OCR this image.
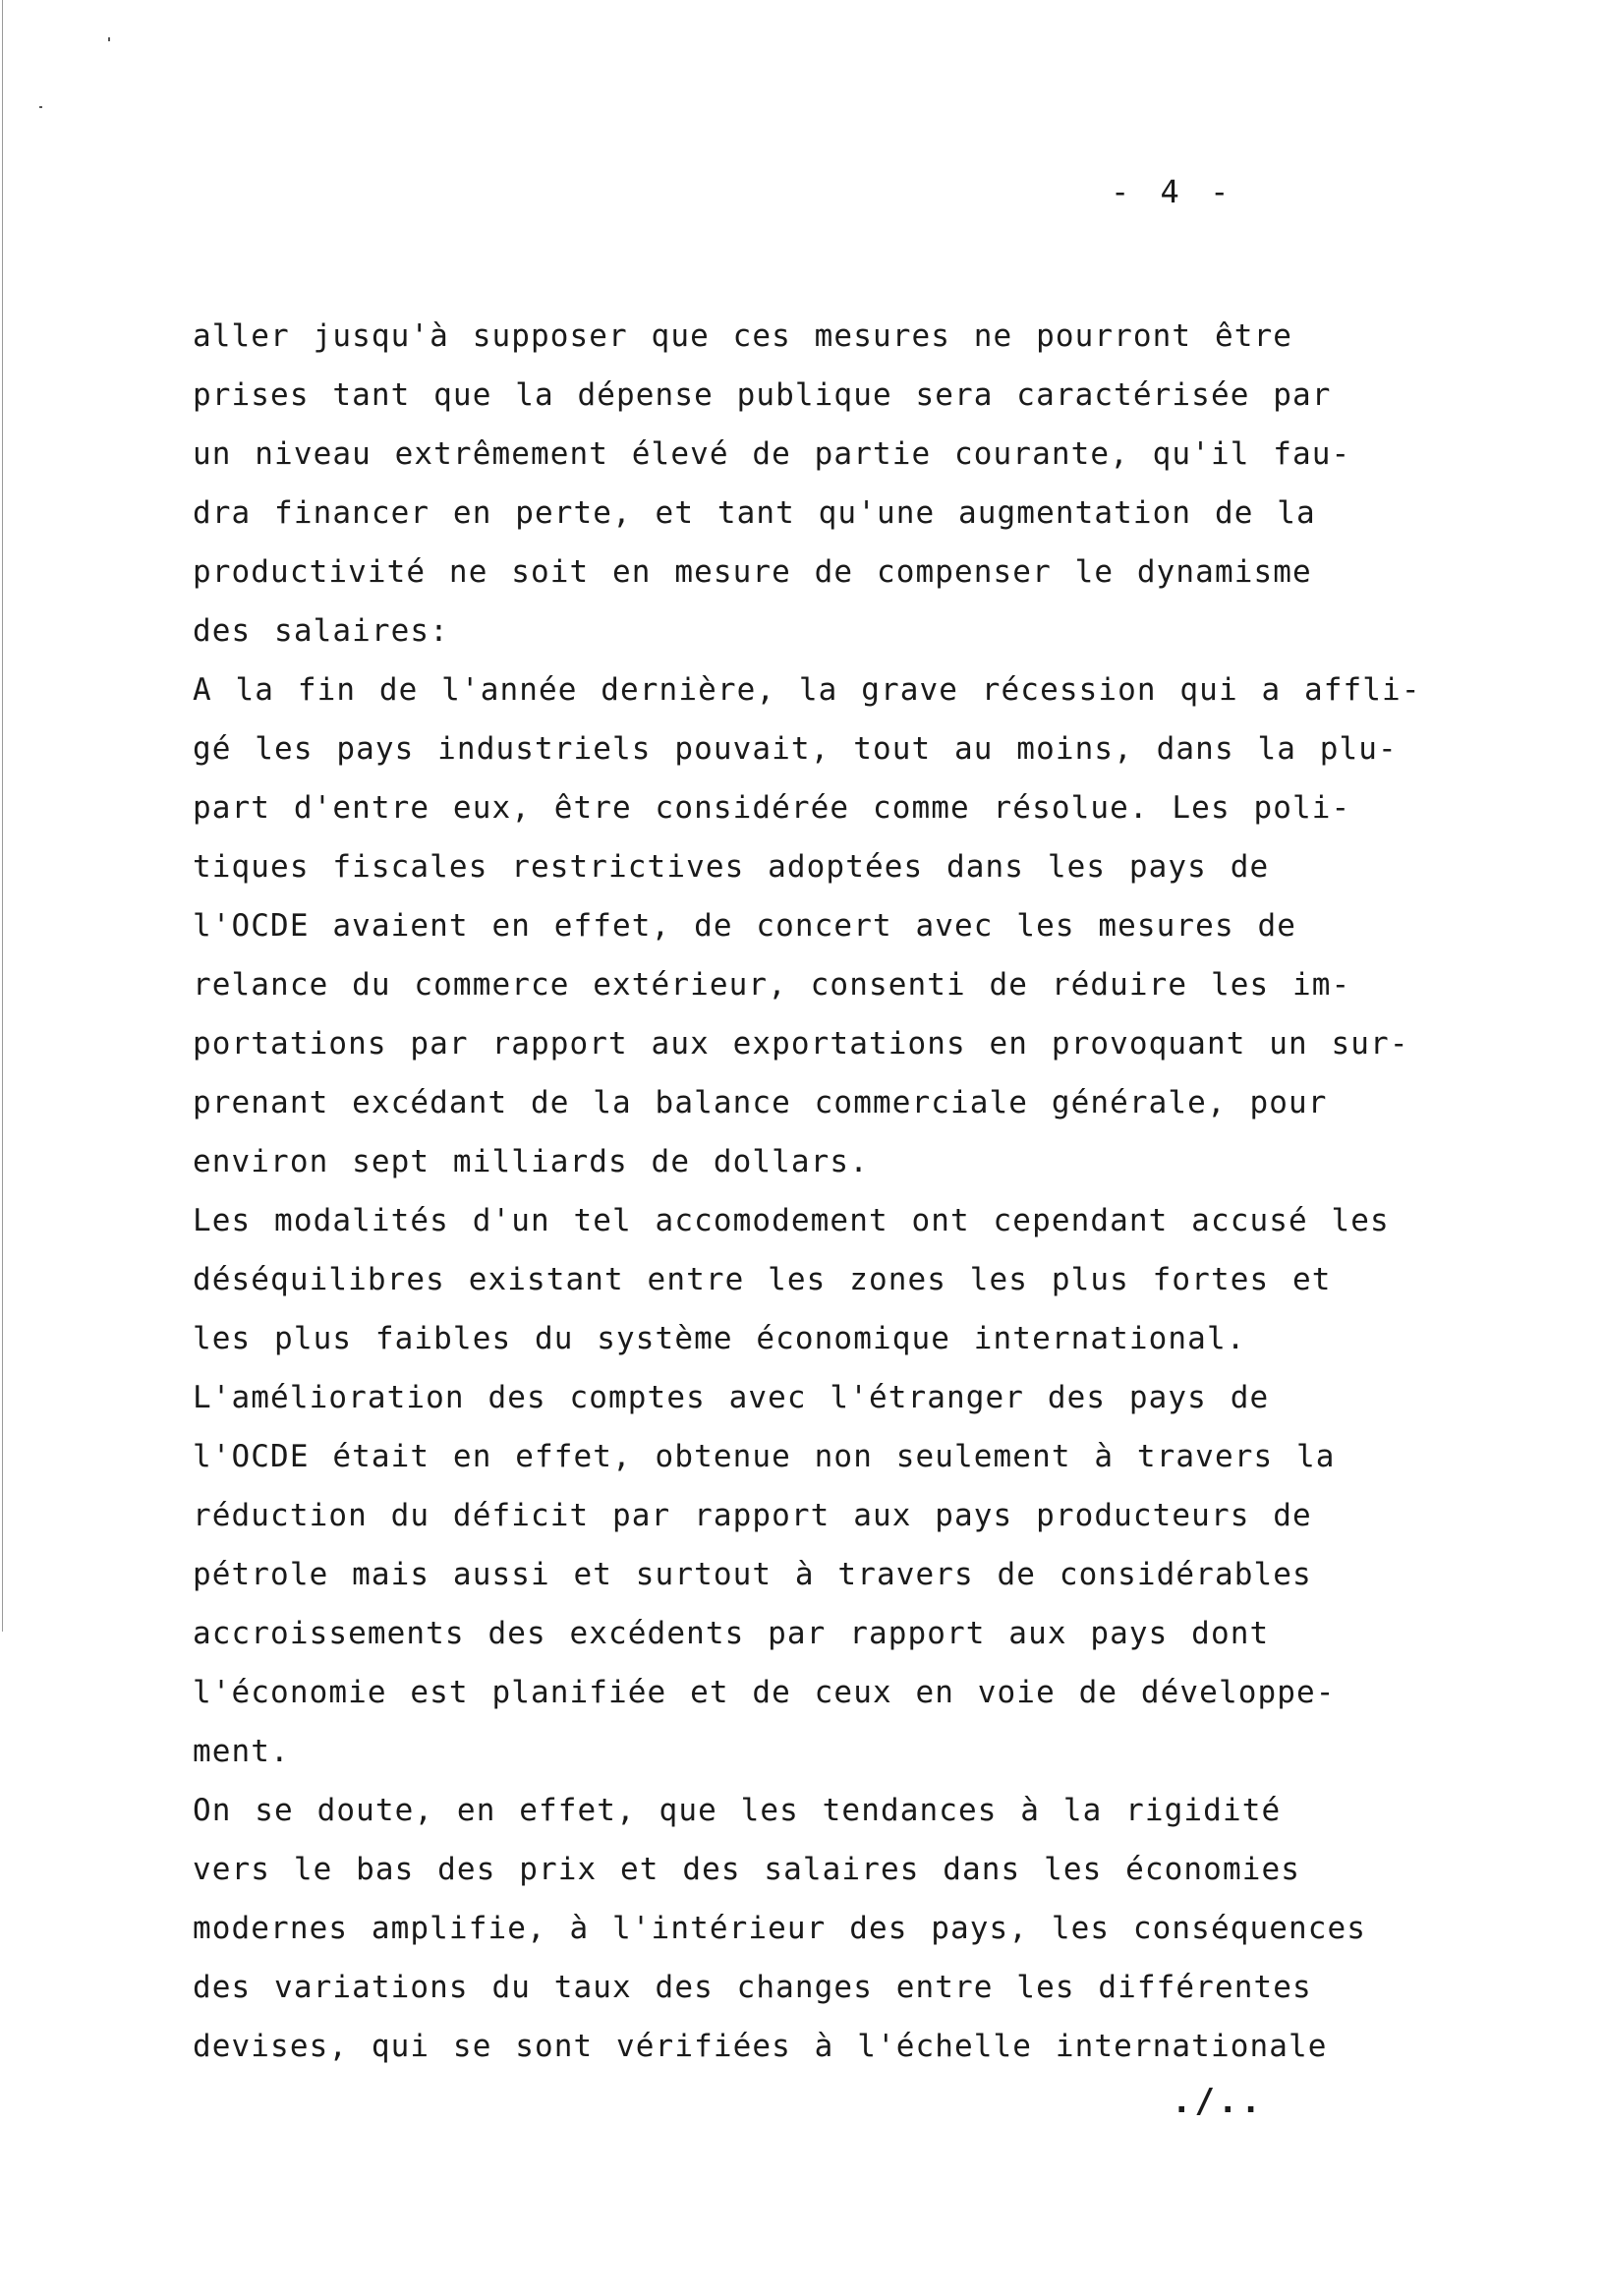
- 4 -
aller jusqu'à supposer que ces mesures ne pourront être
prises tant que la dépense publique sera caractérisée par
un niveau extrêmement élevé de partie courante, qu'il fau-
dra financer en perte, et tant qu'une augmentation de la
productivité ne soit en mesure de compenser le dynamisme
des salaires:
A la fin de l'année dernière, la grave récession qui a affli-
gé les pays industriels pouvait, tout au moins, dans la plu-
part d'entre eux, être considérée comme résolue. Les poli-
tiques fiscales restrictives adoptées dans les pays de
l'OCDE avaient en effet, de concert avec les mesures de
relance du commerce extérieur, consenti de réduire les im-
portations par rapport aux exportations en provoquant un sur-
prenant excédant de la balance commerciale générale, pour
environ sept milliards de dollars.
Les modalités d'un tel accomodement ont cependant accusé les
déséquilibres existant entre les zones les plus fortes et
les plus faibles du système économique international.
L'amélioration des comptes avec l'étranger des pays de
l'OCDE était en effet, obtenue non seulement à travers la
réduction du déficit par rapport aux pays producteurs de
pétrole mais aussi et surtout à travers de considérables
accroissements des excédents par rapport aux pays dont
l'économie est planifiée et de ceux en voie de développe-
ment.
On se doute, en effet, que les tendances à la rigidité
vers le bas des prix et des salaires dans les économies
modernes amplifie, à l'intérieur des pays, les conséquences
des variations du taux des changes entre les différentes
devises, qui se sont vérifiées à l'échelle internationale
./..
